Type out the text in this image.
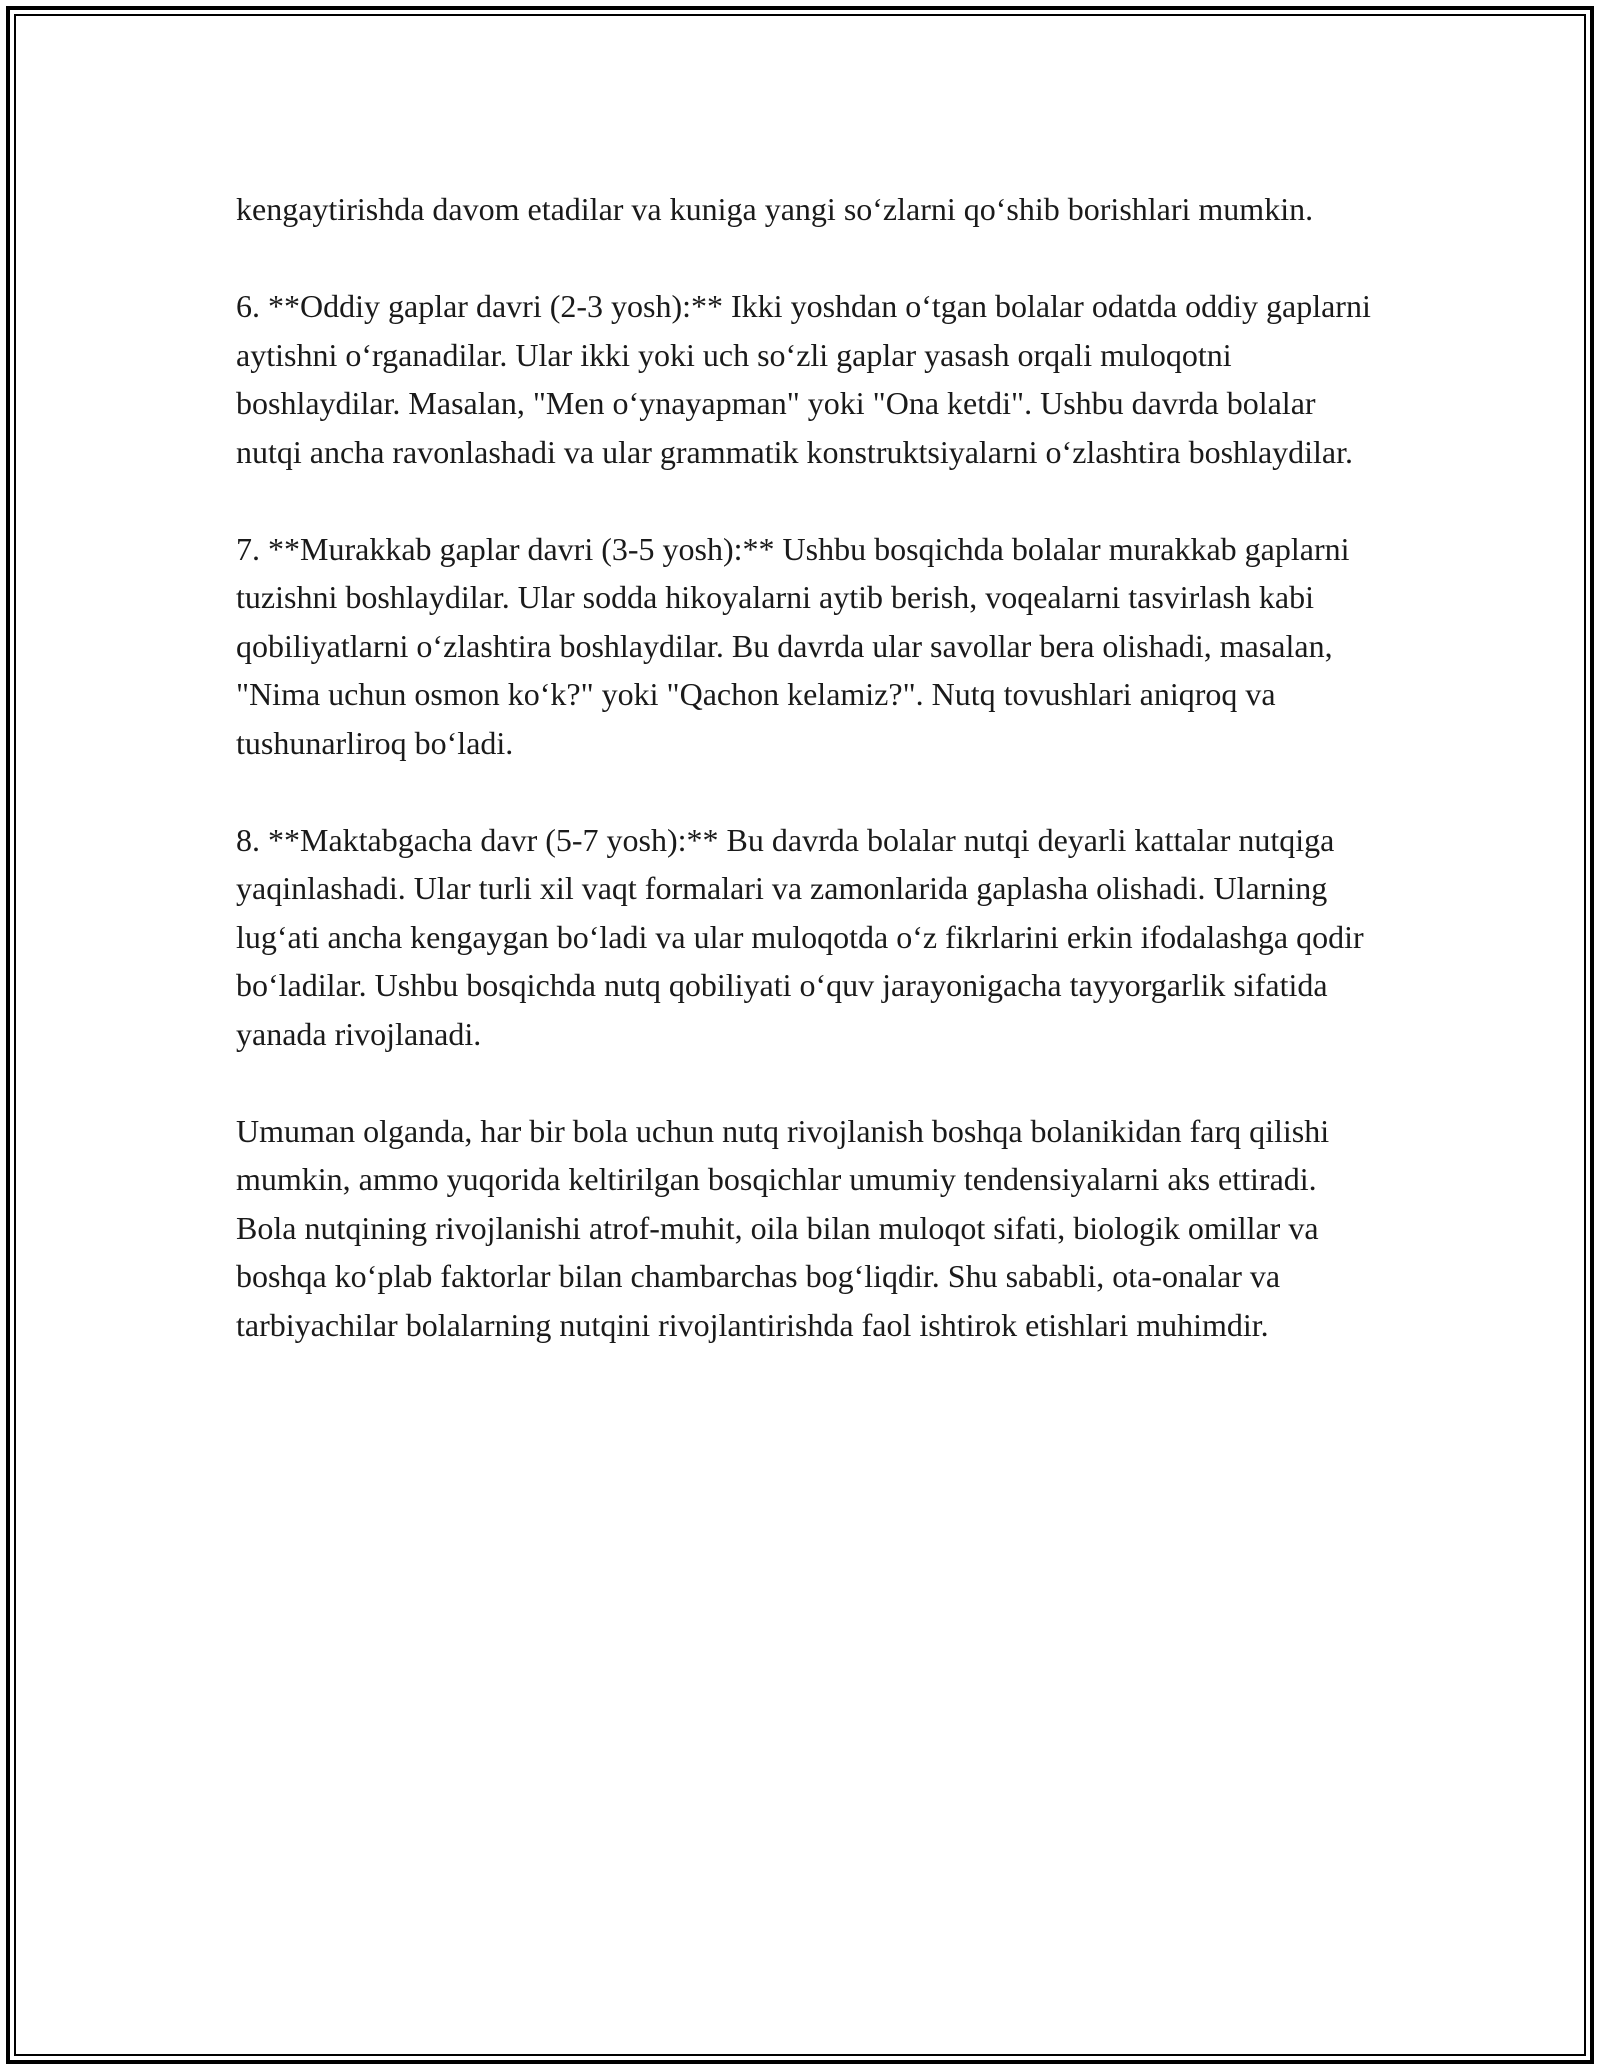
kengaytirishda davom etadilar va kuniga yangi so‘zlarni qo‘shib borishlari mumkin.

6. **Oddiy gaplar davri (2-3 yosh):** Ikki yoshdan o‘tgan bolalar odatda oddiy gaplarni aytishni o‘rganadilar. Ular ikki yoki uch so‘zli gaplar yasash orqali muloqotni boshlaydilar. Masalan, "Men o‘ynayapman" yoki "Ona ketdi". Ushbu davrda bolalar nutqi ancha ravonlashadi va ular grammatik konstruktsiyalarni o‘zlashtira boshlaydilar.

7. **Murakkab gaplar davri (3-5 yosh):** Ushbu bosqichda bolalar murakkab gaplarni tuzishni boshlaydilar. Ular sodda hikoyalarni aytib berish, voqealarni tasvirlash kabi qobiliyatlarni o‘zlashtira boshlaydilar. Bu davrda ular savollar bera olishadi, masalan, "Nima uchun osmon ko‘k?" yoki "Qachon kelamiz?". Nutq tovushlari aniqroq va tushunarliroq bo‘ladi.

8. **Maktabgacha davr (5-7 yosh):** Bu davrda bolalar nutqi deyarli kattalar nutqiga yaqinlashadi. Ular turli xil vaqt formalari va zamonlarida gaplasha olishadi. Ularning lug‘ati ancha kengaygan bo‘ladi va ular muloqotda o‘z fikrlarini erkin ifodalashga qodir bo‘ladilar. Ushbu bosqichda nutq qobiliyati o‘quv jarayonigacha tayyorgarlik sifatida yanada rivojlanadi.

Umuman olganda, har bir bola uchun nutq rivojlanish boshqa bolanikidan farq qilishi mumkin, ammo yuqorida keltirilgan bosqichlar umumiy tendensiyalarni aks ettiradi. Bola nutqining rivojlanishi atrof-muhit, oila bilan muloqot sifati, biologik omillar va boshqa ko‘plab faktorlar bilan chambarchas bog‘liqdir. Shu sababli, ota-onalar va tarbiyachilar bolalarning nutqini rivojlantirishda faol ishtirok etishlari muhimdir.
